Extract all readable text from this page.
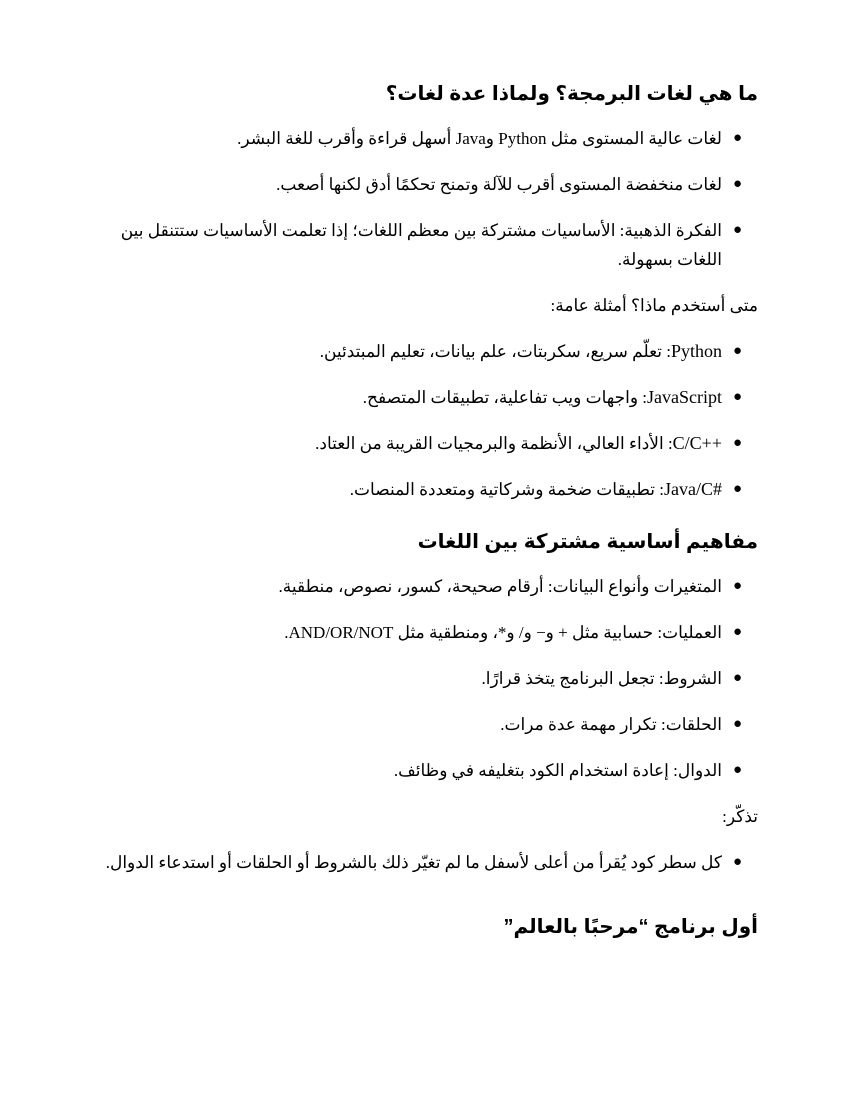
ما هي لغات البرمجة؟ ولماذا عدة لغات؟
●
لغات عالية المستوى مثل Python وJava أسهل قراءة وأقرب للغة البشر.
●
لغات منخفضة المستوى أقرب للآلة وتمنح تحكمًا أدق لكنها أصعب.
●
الفكرة الذهبية: الأساسيات مشتركة بين معظم اللغات؛ إذا تعلمت الأساسيات ستتنقل بين اللغات بسهولة.

متى أستخدم ماذا؟ أمثلة عامة:

●
Python: تعلّم سريع، سكربتات، علم بيانات، تعليم المبتدئين.
●
JavaScript: واجهات ويب تفاعلية، تطبيقات المتصفح.
●
C/C++: الأداء العالي، الأنظمة والبرمجيات القريبة من العتاد.
●
Java/C#: تطبيقات ضخمة وشركاتية ومتعددة المنصات.
مفاهيم أساسية مشتركة بين اللغات
●
المتغيرات وأنواع البيانات: أرقام صحيحة، كسور، نصوص، منطقية.
●
العمليات: حسابية مثل + و− و/ و*، ومنطقية مثل AND/OR/NOT.
●
الشروط: تجعل البرنامج يتخذ قرارًا.
●
الحلقات: تكرار مهمة عدة مرات.
●
الدوال: إعادة استخدام الكود بتغليفه في وظائف.

تذكّر:

●
كل سطر كود يُقرأ من أعلى لأسفل ما لم تغيّر ذلك بالشروط أو الحلقات أو استدعاء الدوال.
أول برنامج “مرحبًا بالعالم”
